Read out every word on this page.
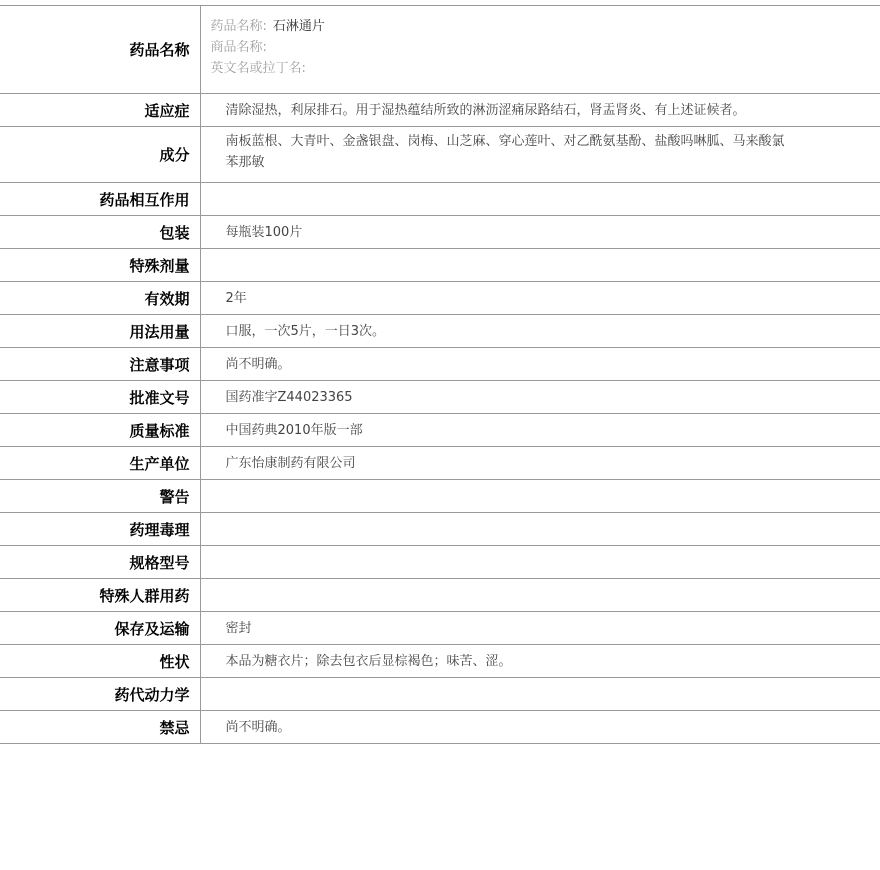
药品名称	药品名称: 石淋通片
商品名称:
英文名或拉丁名:

适应症	清除湿热，利尿排石。用于湿热蕴结所致的淋沥涩痛尿路结石，肾盂肾炎、有上述证候者。
成分	南板蓝根、大青叶、金盏银盘、岗梅、山芝麻、穿心莲叶、对乙酰氨基酚、盐酸吗啉胍、马来酸氯苯那敏
药品相互作用	
包装	每瓶装100片
特殊剂量	
有效期	2年
用法用量	口服，一次5片，一日3次。
注意事项	尚不明确。
批准文号	国药准字Z44023365
质量标准	中国药典2010年版一部
生产单位	广东怡康制药有限公司
警告	
药理毒理	
规格型号	
特殊人群用药	
保存及运输	密封
性状	本品为糖衣片；除去包衣后显棕褐色；味苦、涩。
药代动力学	
禁忌	尚不明确。
